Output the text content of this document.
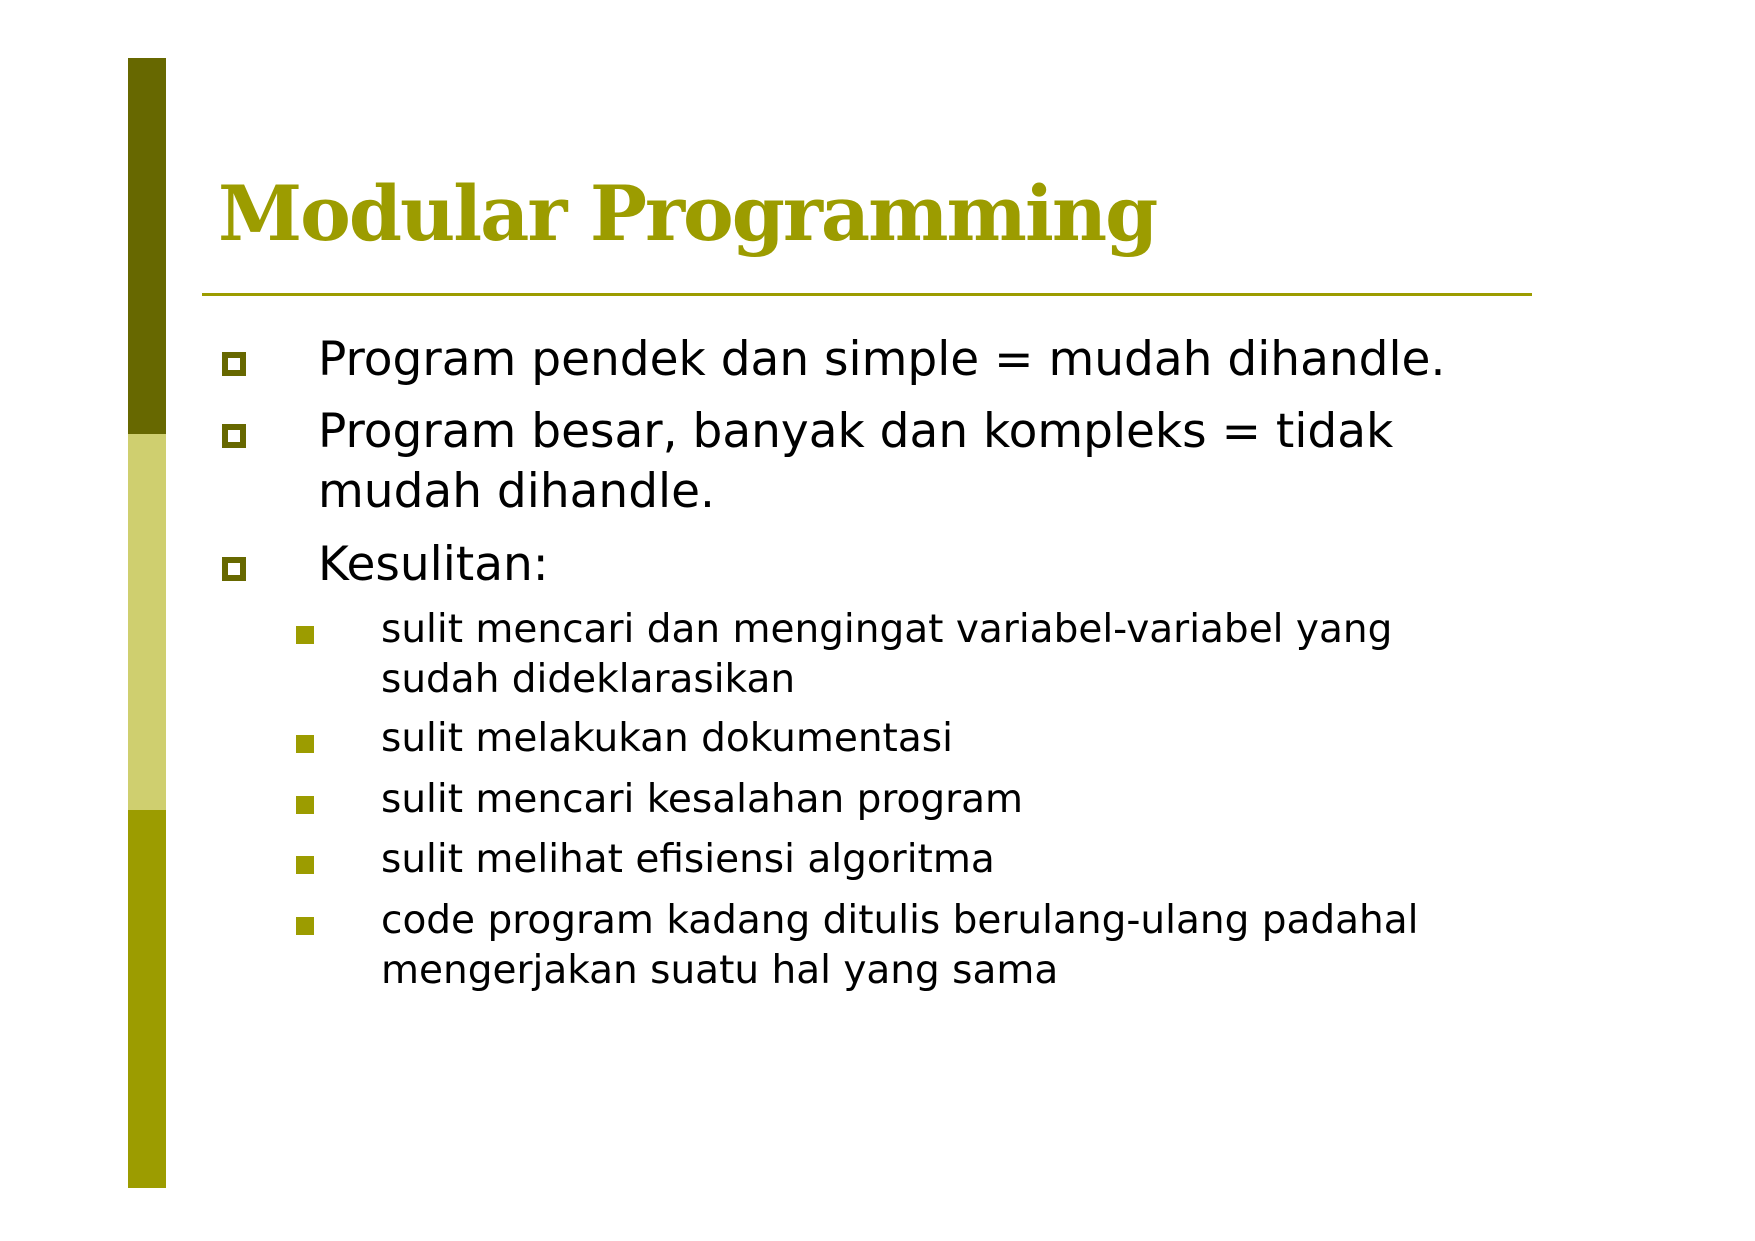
Modular Programming
Program pendek dan simple = mudah dihandle.
Program besar, banyak dan kompleks = tidak
mudah dihandle.
Kesulitan:
sulit mencari dan mengingat variabel-variabel yang
sudah dideklarasikan
sulit melakukan dokumentasi
sulit mencari kesalahan program
sulit melihat efisiensi algoritma
code program kadang ditulis berulang-ulang padahal
mengerjakan suatu hal yang sama
